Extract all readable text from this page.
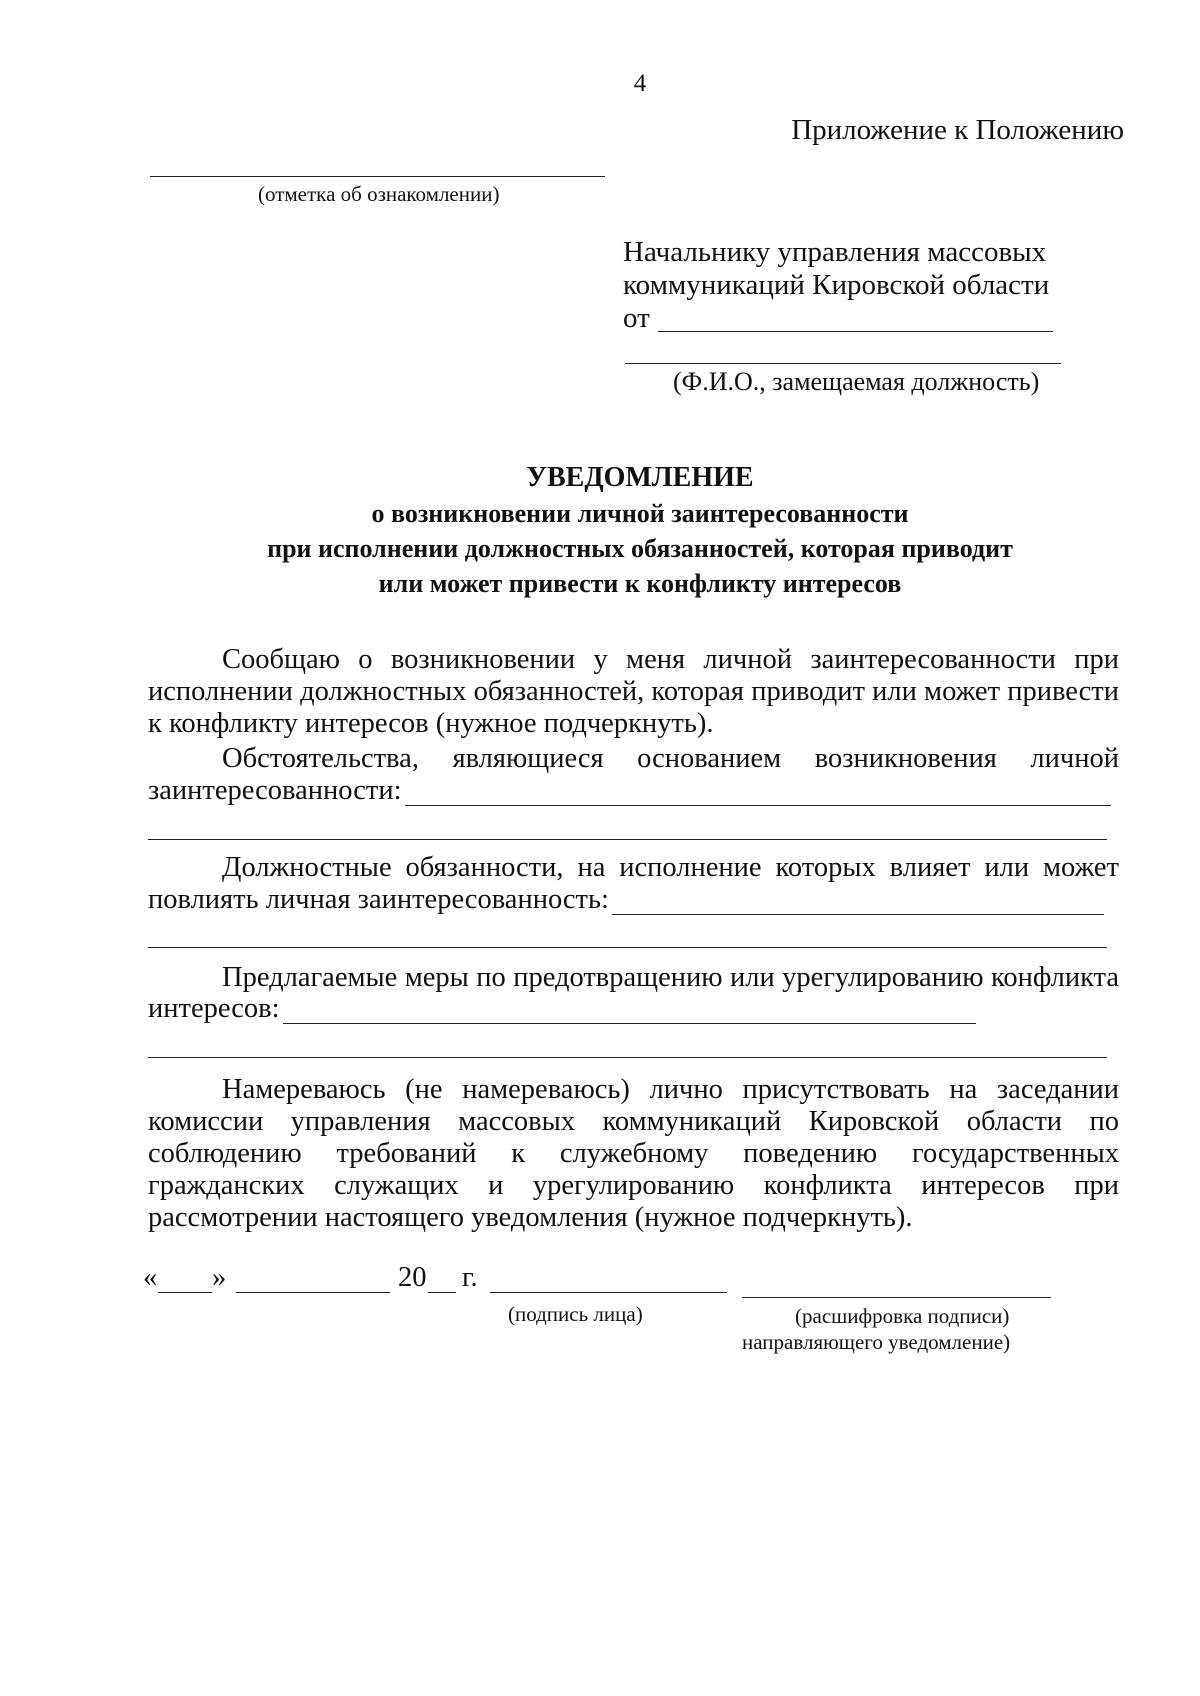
4
Приложение к Положению
(отметка об ознакомлении)
Начальнику управления массовых
коммуникаций Кировской области
от
(Ф.И.О., замещаемая должность)
УВЕДОМЛЕНИЕ
о возникновении личной заинтересованности
при исполнении должностных обязанностей, которая приводит
или может привести к конфликту интересов
Сообщаю о возникновении у меня личной заинтересованности при
исполнении должностных обязанностей, которая приводит или может привести
к конфликту интересов (нужное подчеркнуть).
Обстоятельства, являющиеся основанием возникновения личной
заинтересованности:
Должностные обязанности, на исполнение которых влияет или может
повлиять личная заинтересованность:
Предлагаемые меры по предотвращению или урегулированию конфликта
интересов:
Намереваюсь (не намереваюсь) лично присутствовать на заседании
комиссии управления массовых коммуникаций Кировской области по
соблюдению требований к служебному поведению государственных
гражданских служащих и урегулированию конфликта интересов при
рассмотрении настоящего уведомления (нужное подчеркнуть).
« »	20 г.
(подпись лица)	(расшифровка подписи)
направляющего уведомление)
